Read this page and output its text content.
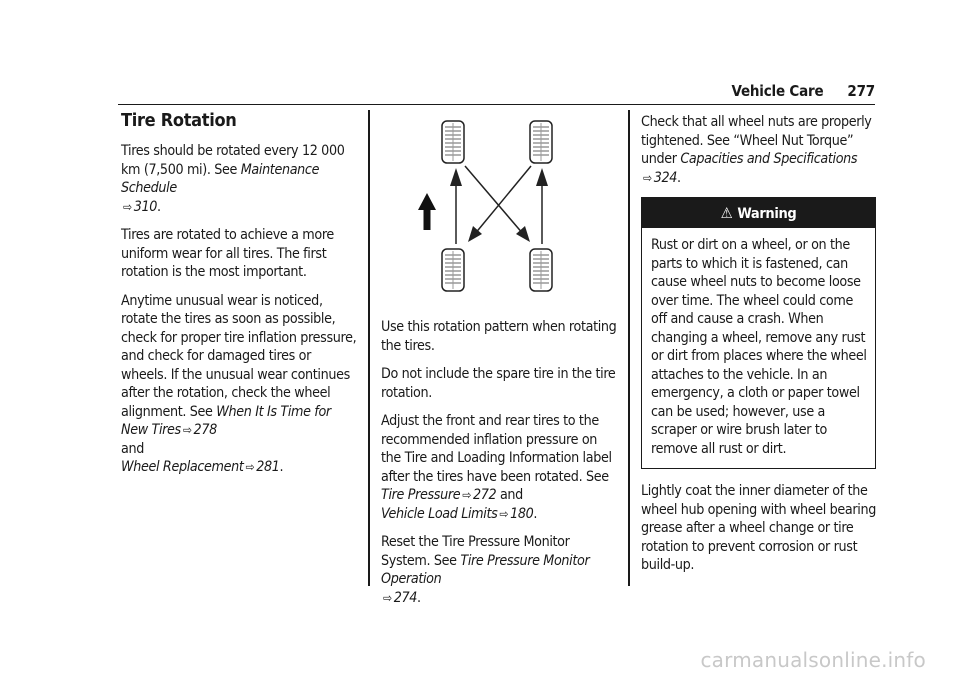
Vehicle Care 277
Tire Rotation

Tires should be rotated every 12 000 km (7,500 mi). See Maintenance Schedule
⇨ 310.

Tires are rotated to achieve a more uniform wear for all tires. The first rotation is the most important.

Anytime unusual wear is noticed, rotate the tires as soon as possible, check for proper tire inflation pressure, and check for damaged tires or wheels. If the unusual wear continues after the rotation, check the wheel alignment. See When It Is Time for New Tires ⇨ 278
and
Wheel Replacement ⇨ 281.

Use this rotation pattern when rotating the tires.

Do not include the spare tire in the tire rotation.

Adjust the front and rear tires to the recommended inflation pressure on the Tire and Loading Information label after the tires have been rotated. See Tire Pressure ⇨ 272 and
Vehicle Load Limits ⇨ 180.

Reset the Tire Pressure Monitor System. See Tire Pressure Monitor Operation
⇨ 274.

Check that all wheel nuts are properly tightened. See “Wheel Nut Torque” under Capacities and Specifications
⇨ 324.

⚠ Warning
Rust or dirt on a wheel, or on the parts to which it is fastened, can cause wheel nuts to become loose over time. The wheel could come off and cause a crash. When changing a wheel, remove any rust or dirt from places where the wheel attaches to the vehicle. In an emergency, a cloth or paper towel can be used; however, use a scraper or wire brush later to remove all rust or dirt.

Lightly coat the inner diameter of the wheel hub opening with wheel bearing grease after a wheel change or tire rotation to prevent corrosion or rust build-up.

carmanualsonline.info
